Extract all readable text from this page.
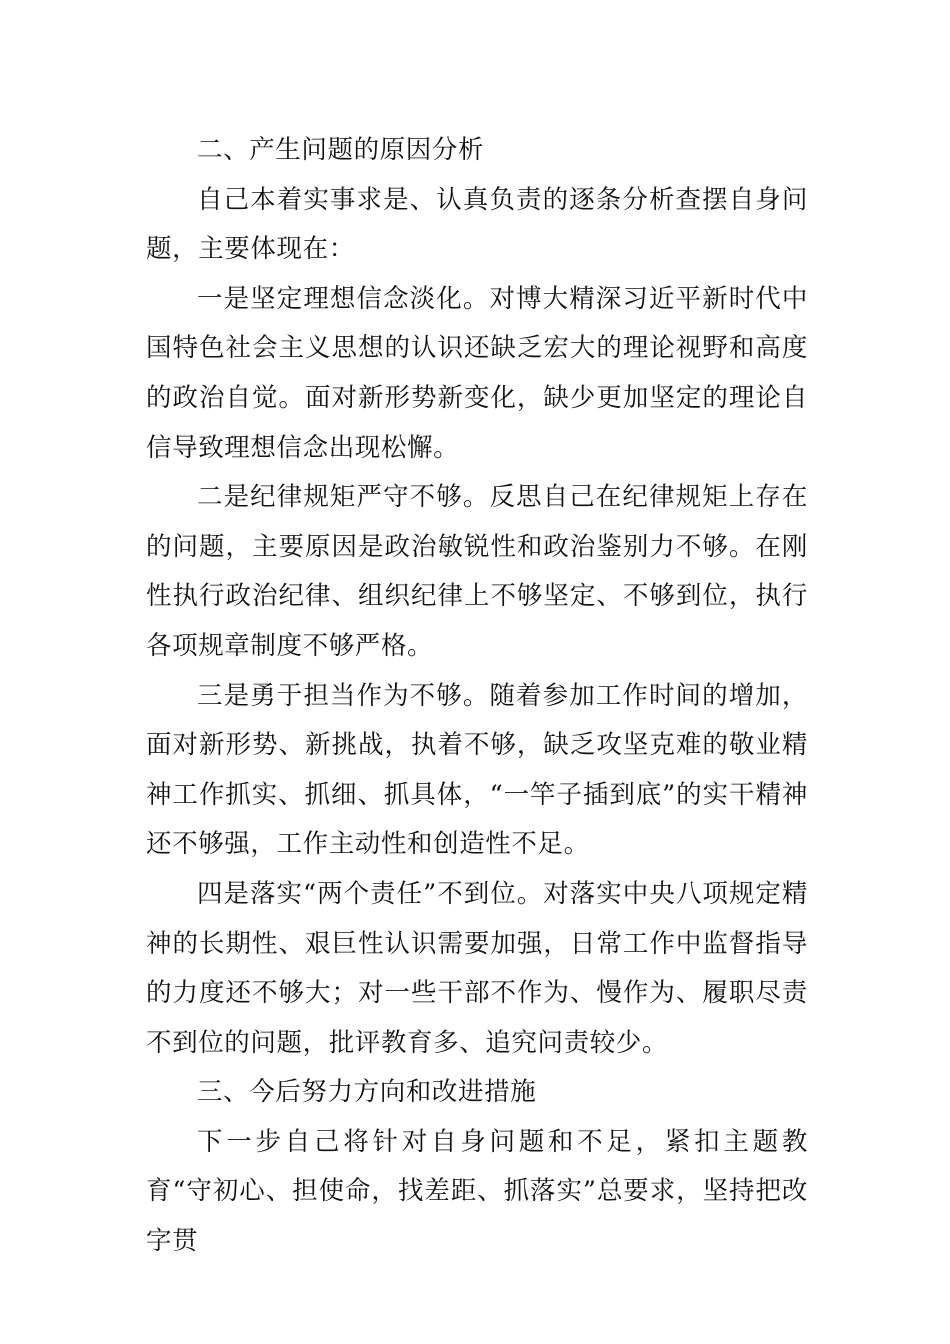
二、产生问题的原因分析

自己本着实事求是、认真负责的逐条分析查摆自身问题，主要体现在：

一是坚定理想信念淡化。对博大精深习近平新时代中国特色社会主义思想的认识还缺乏宏大的理论视野和高度的政治自觉。面对新形势新变化，缺少更加坚定的理论自信导致理想信念出现松懈。

二是纪律规矩严守不够。反思自己在纪律规矩上存在的问题，主要原因是政治敏锐性和政治鉴别力不够。在刚性执行政治纪律、组织纪律上不够坚定、不够到位，执行各项规章制度不够严格。

三是勇于担当作为不够。随着参加工作时间的增加，面对新形势、新挑战，执着不够，缺乏攻坚克难的敬业精神工作抓实、抓细、抓具体，“一竿子插到底”的实干精神还不够强，工作主动性和创造性不足。

四是落实“两个责任”不到位。对落实中央八项规定精神的长期性、艰巨性认识需要加强，日常工作中监督指导的力度还不够大；对一些干部不作为、慢作为、履职尽责不到位的问题，批评教育多、追究问责较少。

三、今后努力方向和改进措施

下一步自己将针对自身问题和不足，紧扣主题教育“守初心、担使命，找差距、抓落实”总要求，坚持把改字贯
